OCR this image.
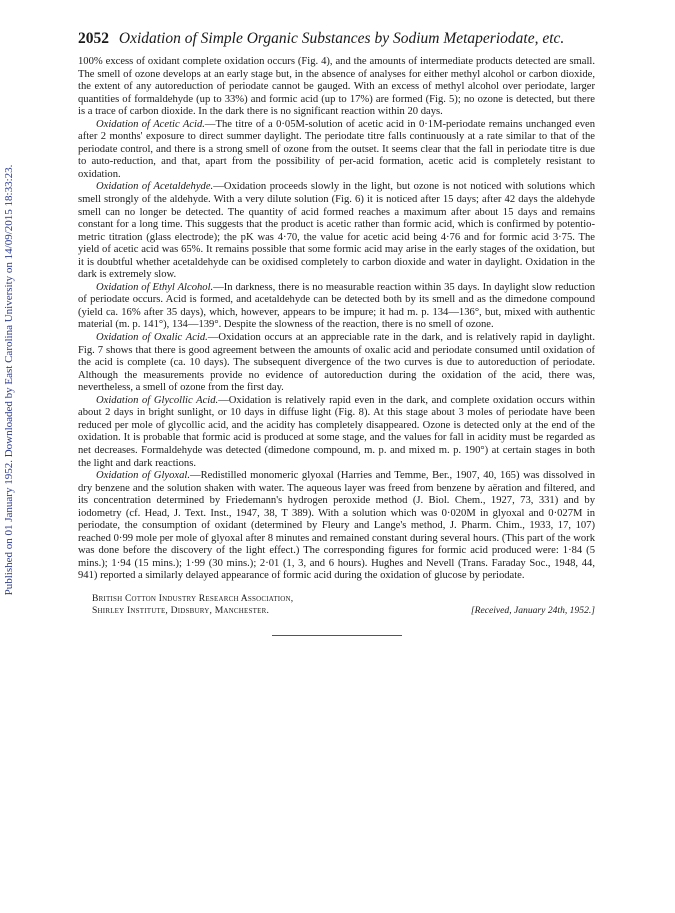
Published on 01 January 1952. Downloaded by East Carolina University on 14/09/2015 18:33:23.
2052 Oxidation of Simple Organic Substances by Sodium Metaperiodate, etc.

100% excess of oxidant complete oxidation occurs (Fig. 4), and the amounts of intermediate products detected are small. The smell of ozone develops at an early stage but, in the absence of analyses for either methyl alcohol or carbon dioxide, the extent of any autoreduction of periodate cannot be gauged. With an excess of methyl alcohol over periodate, larger quantities of formaldehyde (up to 33%) and formic acid (up to 17%) are formed (Fig. 5); no ozone is detected, but there is a trace of carbon dioxide. In the dark there is no significant reaction within 20 days.

Oxidation of Acetic Acid.—The titre of a 0·05M-solution of acetic acid in 0·1M-periodate remains unchanged even after 2 months' exposure to direct summer daylight. The periodate titre falls continuously at a rate similar to that of the periodate control, and there is a strong smell of ozone from the outset. It seems clear that the fall in periodate titre is due to auto-reduction, and that, apart from the possibility of per-acid formation, acetic acid is completely resistant to oxidation.

Oxidation of Acetaldehyde.—Oxidation proceeds slowly in the light, but ozone is not noticed with solutions which smell strongly of the aldehyde. With a very dilute solution (Fig. 6) it is noticed after 15 days; after 42 days the aldehyde smell can no longer be detected. The quantity of acid formed reaches a maximum after about 15 days and remains constant for a long time. This suggests that the product is acetic rather than formic acid, which is confirmed by potentio-metric titration (glass electrode); the pK was 4·70, the value for acetic acid being 4·76 and for formic acid 3·75. The yield of acetic acid was 65%. It remains possible that some formic acid may arise in the early stages of the oxidation, but it is doubtful whether acetaldehyde can be oxidised completely to carbon dioxide and water in daylight. Oxidation in the dark is extremely slow.

Oxidation of Ethyl Alcohol.—In darkness, there is no measurable reaction within 35 days. In daylight slow reduction of periodate occurs. Acid is formed, and acetaldehyde can be detected both by its smell and as the dimedone compound (yield ca. 16% after 35 days), which, however, appears to be impure; it had m. p. 134—136°, but, mixed with authentic material (m. p. 141°), 134—139°. Despite the slowness of the reaction, there is no smell of ozone.

Oxidation of Oxalic Acid.—Oxidation occurs at an appreciable rate in the dark, and is relatively rapid in daylight. Fig. 7 shows that there is good agreement between the amounts of oxalic acid and periodate consumed until oxidation of the acid is complete (ca. 10 days). The subsequent divergence of the two curves is due to autoreduction of periodate. Although the measurements provide no evidence of autoreduction during the oxidation of the acid, there was, nevertheless, a smell of ozone from the first day.

Oxidation of Glycollic Acid.—Oxidation is relatively rapid even in the dark, and complete oxidation occurs within about 2 days in bright sunlight, or 10 days in diffuse light (Fig. 8). At this stage about 3 moles of periodate have been reduced per mole of glycollic acid, and the acidity has completely disappeared. Ozone is detected only at the end of the oxidation. It is probable that formic acid is produced at some stage, and the values for fall in acidity must be regarded as net decreases. Formaldehyde was detected (dimedone compound, m. p. and mixed m. p. 190°) at certain stages in both the light and dark reactions.

Oxidation of Glyoxal.—Redistilled monomeric glyoxal (Harries and Temme, Ber., 1907, 40, 165) was dissolved in dry benzene and the solution shaken with water. The aqueous layer was freed from benzene by aëration and filtered, and its concentration determined by Friedemann's hydrogen peroxide method (J. Biol. Chem., 1927, 73, 331) and by iodometry (cf. Head, J. Text. Inst., 1947, 38, T 389). With a solution which was 0·020M in glyoxal and 0·027M in periodate, the consumption of oxidant (determined by Fleury and Lange's method, J. Pharm. Chim., 1933, 17, 107) reached 0·99 mole per mole of glyoxal after 8 minutes and remained constant during several hours. (This part of the work was done before the discovery of the light effect.) The corresponding figures for formic acid produced were: 1·84 (5 mins.); 1·94 (15 mins.); 1·99 (30 mins.); 2·01 (1, 3, and 6 hours). Hughes and Nevell (Trans. Faraday Soc., 1948, 44, 941) reported a similarly delayed appearance of formic acid during the oxidation of glucose by periodate.

British Cotton Industry Research Association,
Shirley Institute, Didsbury, Manchester.	[Received, January 24th, 1952.]
